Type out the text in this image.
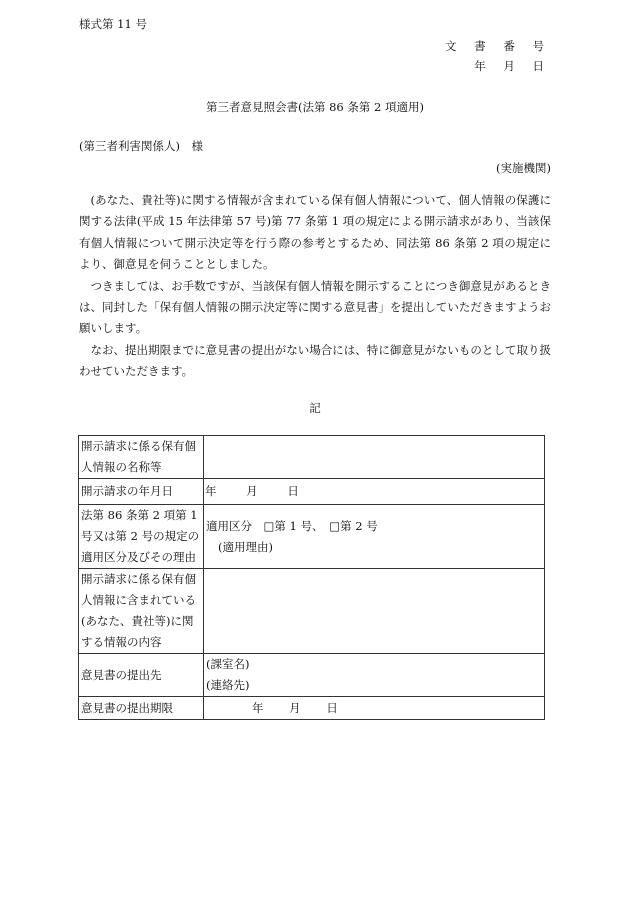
様式第 11 号
文 書 番 号
年 月 日
第三者意見照会書(法第 86 条第 2 項適用)
(第三者利害関係人)　様
(実施機関)

(あなた、貴社等)に関する情報が含まれている保有個人情報について、個人情報の保護に関する法律(平成 15 年法律第 57 号)第 77 条第 1 項の規定による開示請求があり、当該保有個人情報について開示決定等を行う際の参考とするため、同法第 86 条第 2 項の規定により、御意見を伺うこととしました。

つきましては、お手数ですが、当該保有個人情報を開示することにつき御意見があるときは、同封した「保有個人情報の開示決定等に関する意見書」を提出していただきますようお願いします。

なお、提出期限までに意見書の提出がない場合には、特に御意見がないものとして取り扱わせていただきます。

記
開示請求に係る保有個人情報の名称等	
開示請求の年月日	年 月 日
法第 86 条第 2 項第 1 号又は第 2 号の規定の適用区分及びその理由	適用区分　□第 1 号、　□第 2 号
(適用理由)

開示請求に係る保有個人情報に含まれている(あなた、貴社等)に関する情報の内容	
意見書の提出先	(課室名)
(連絡先)

意見書の提出期限	年 月 日
